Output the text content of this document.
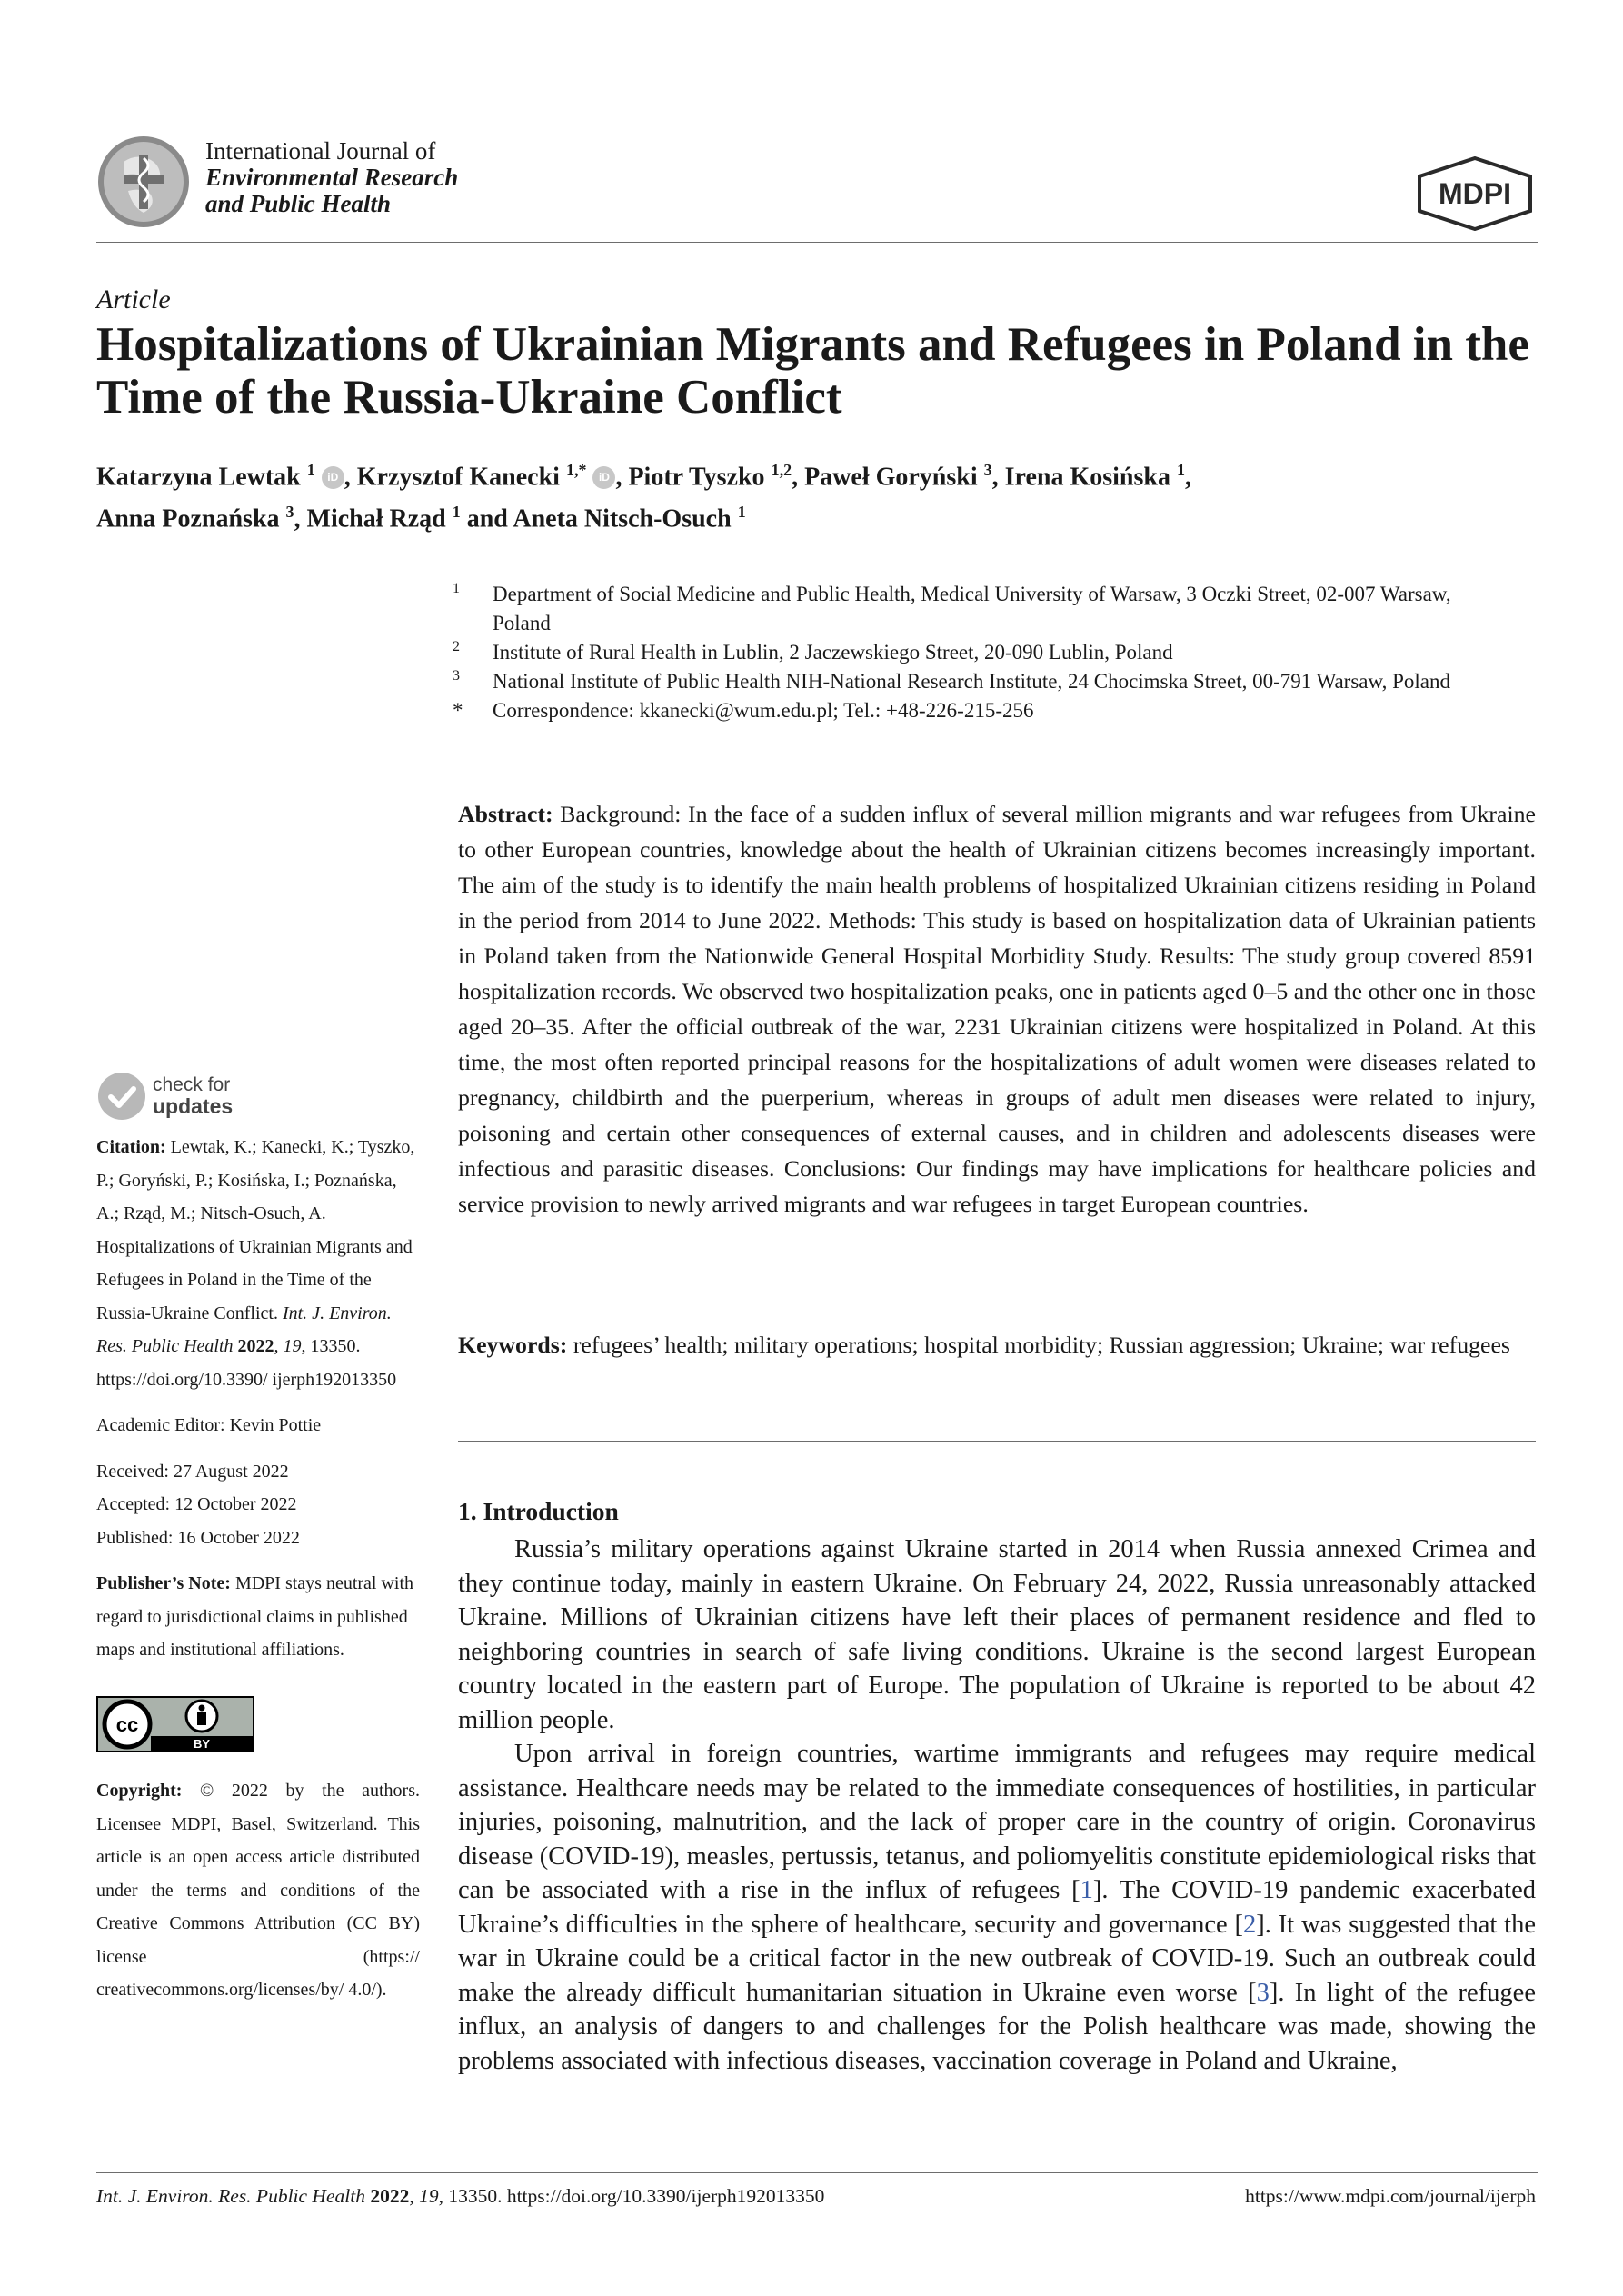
International Journal of
Environmental Research
and Public Health	MDPI
Article
Hospitalizations of Ukrainian Migrants and Refugees in Poland in the Time of the Russia-Ukraine Conflict
Katarzyna Lewtak $^1$ iD , Krzysztof Kanecki $^{1,*}$ iD , Piotr Tyszko $^{1,2}$, Paweł Goryński $^3$, Irena Kosińska $^1$,
Anna Poznańska $^3$, Michał Rząd $^1$ and Aneta Nitsch-Osuch $^1$
1 Department of Social Medicine and Public Health, Medical University of Warsaw, 3 Oczki Street, 02-007 Warsaw, Poland
2 Institute of Rural Health in Lublin, 2 Jaczewskiego Street, 20-090 Lublin, Poland
3 National Institute of Public Health NIH-National Research Institute, 24 Chocimska Street, 00-791 Warsaw, Poland
* Correspondence: kkanecki@wum.edu.pl; Tel.: +48-226-215-256
Abstract: Background: In the face of a sudden influx of several million migrants and war refugees from Ukraine to other European countries, knowledge about the health of Ukrainian citizens becomes increasingly important. The aim of the study is to identify the main health problems of hospitalized Ukrainian citizens residing in Poland in the period from 2014 to June 2022. Methods: This study is based on hospitalization data of Ukrainian patients in Poland taken from the Nationwide General Hospital Morbidity Study. Results: The study group covered 8591 hospitalization records. We observed two hospitalization peaks, one in patients aged 0–5 and the other one in those aged 20–35. After the official outbreak of the war, 2231 Ukrainian citizens were hospitalized in Poland. At this time, the most often reported principal reasons for the hospitalizations of adult women were diseases related to pregnancy, childbirth and the puerperium, whereas in groups of adult men diseases were related to injury, poisoning and certain other consequences of external causes, and in children and adolescents diseases were infectious and parasitic diseases. Conclusions: Our findings may have implications for healthcare policies and service provision to newly arrived migrants and war refugees in target European countries.
Keywords: refugees’ health; military operations; hospital morbidity; Russian aggression; Ukraine; war refugees
check for
updates
Citation: Lewtak, K.; Kanecki, K.; Tyszko, P.; Goryński, P.; Kosińska, I.; Poznańska, A.; Rząd, M.; Nitsch-Osuch, A. Hospitalizations of Ukrainian Migrants and Refugees in Poland in the Time of the Russia-Ukraine Conflict. Int. J. Environ. Res. Public Health 2022, 19, 13350. https://doi.org/10.3390/ ijerph192013350
Academic Editor: Kevin Pottie
Received: 27 August 2022
Accepted: 12 October 2022
Published: 16 October 2022
Publisher’s Note: MDPI stays neutral with regard to jurisdictional claims in published maps and institutional affiliations.
cc
BY
Copyright: © 2022 by the authors. Licensee MDPI, Basel, Switzerland. This article is an open access article distributed under the terms and conditions of the Creative Commons Attribution (CC BY) license (https:// creativecommons.org/licenses/by/ 4.0/).
1. Introduction

Russia’s military operations against Ukraine started in 2014 when Russia annexed Crimea and they continue today, mainly in eastern Ukraine. On February 24, 2022, Russia unreasonably attacked Ukraine. Millions of Ukrainian citizens have left their places of permanent residence and fled to neighboring countries in search of safe living conditions. Ukraine is the second largest European country located in the eastern part of Europe. The population of Ukraine is reported to be about 42 million people.

Upon arrival in foreign countries, wartime immigrants and refugees may require medical assistance. Healthcare needs may be related to the immediate consequences of hostilities, in particular injuries, poisoning, malnutrition, and the lack of proper care in the country of origin. Coronavirus disease (COVID-19), measles, pertussis, tetanus, and poliomyelitis constitute epidemiological risks that can be associated with a rise in the influx of refugees [1]. The COVID-19 pandemic exacerbated Ukraine’s difficulties in the sphere of healthcare, security and governance [2]. It was suggested that the war in Ukraine could be a critical factor in the new outbreak of COVID-19. Such an outbreak could make the already difficult humanitarian situation in Ukraine even worse [3]. In light of the refugee influx, an analysis of dangers to and challenges for the Polish healthcare was made, showing the problems associated with infectious diseases, vaccination coverage in Poland and Ukraine,

Int. J. Environ. Res. Public Health 2022, 19, 13350. https://doi.org/10.3390/ijerph192013350	https://www.mdpi.com/journal/ijerph
